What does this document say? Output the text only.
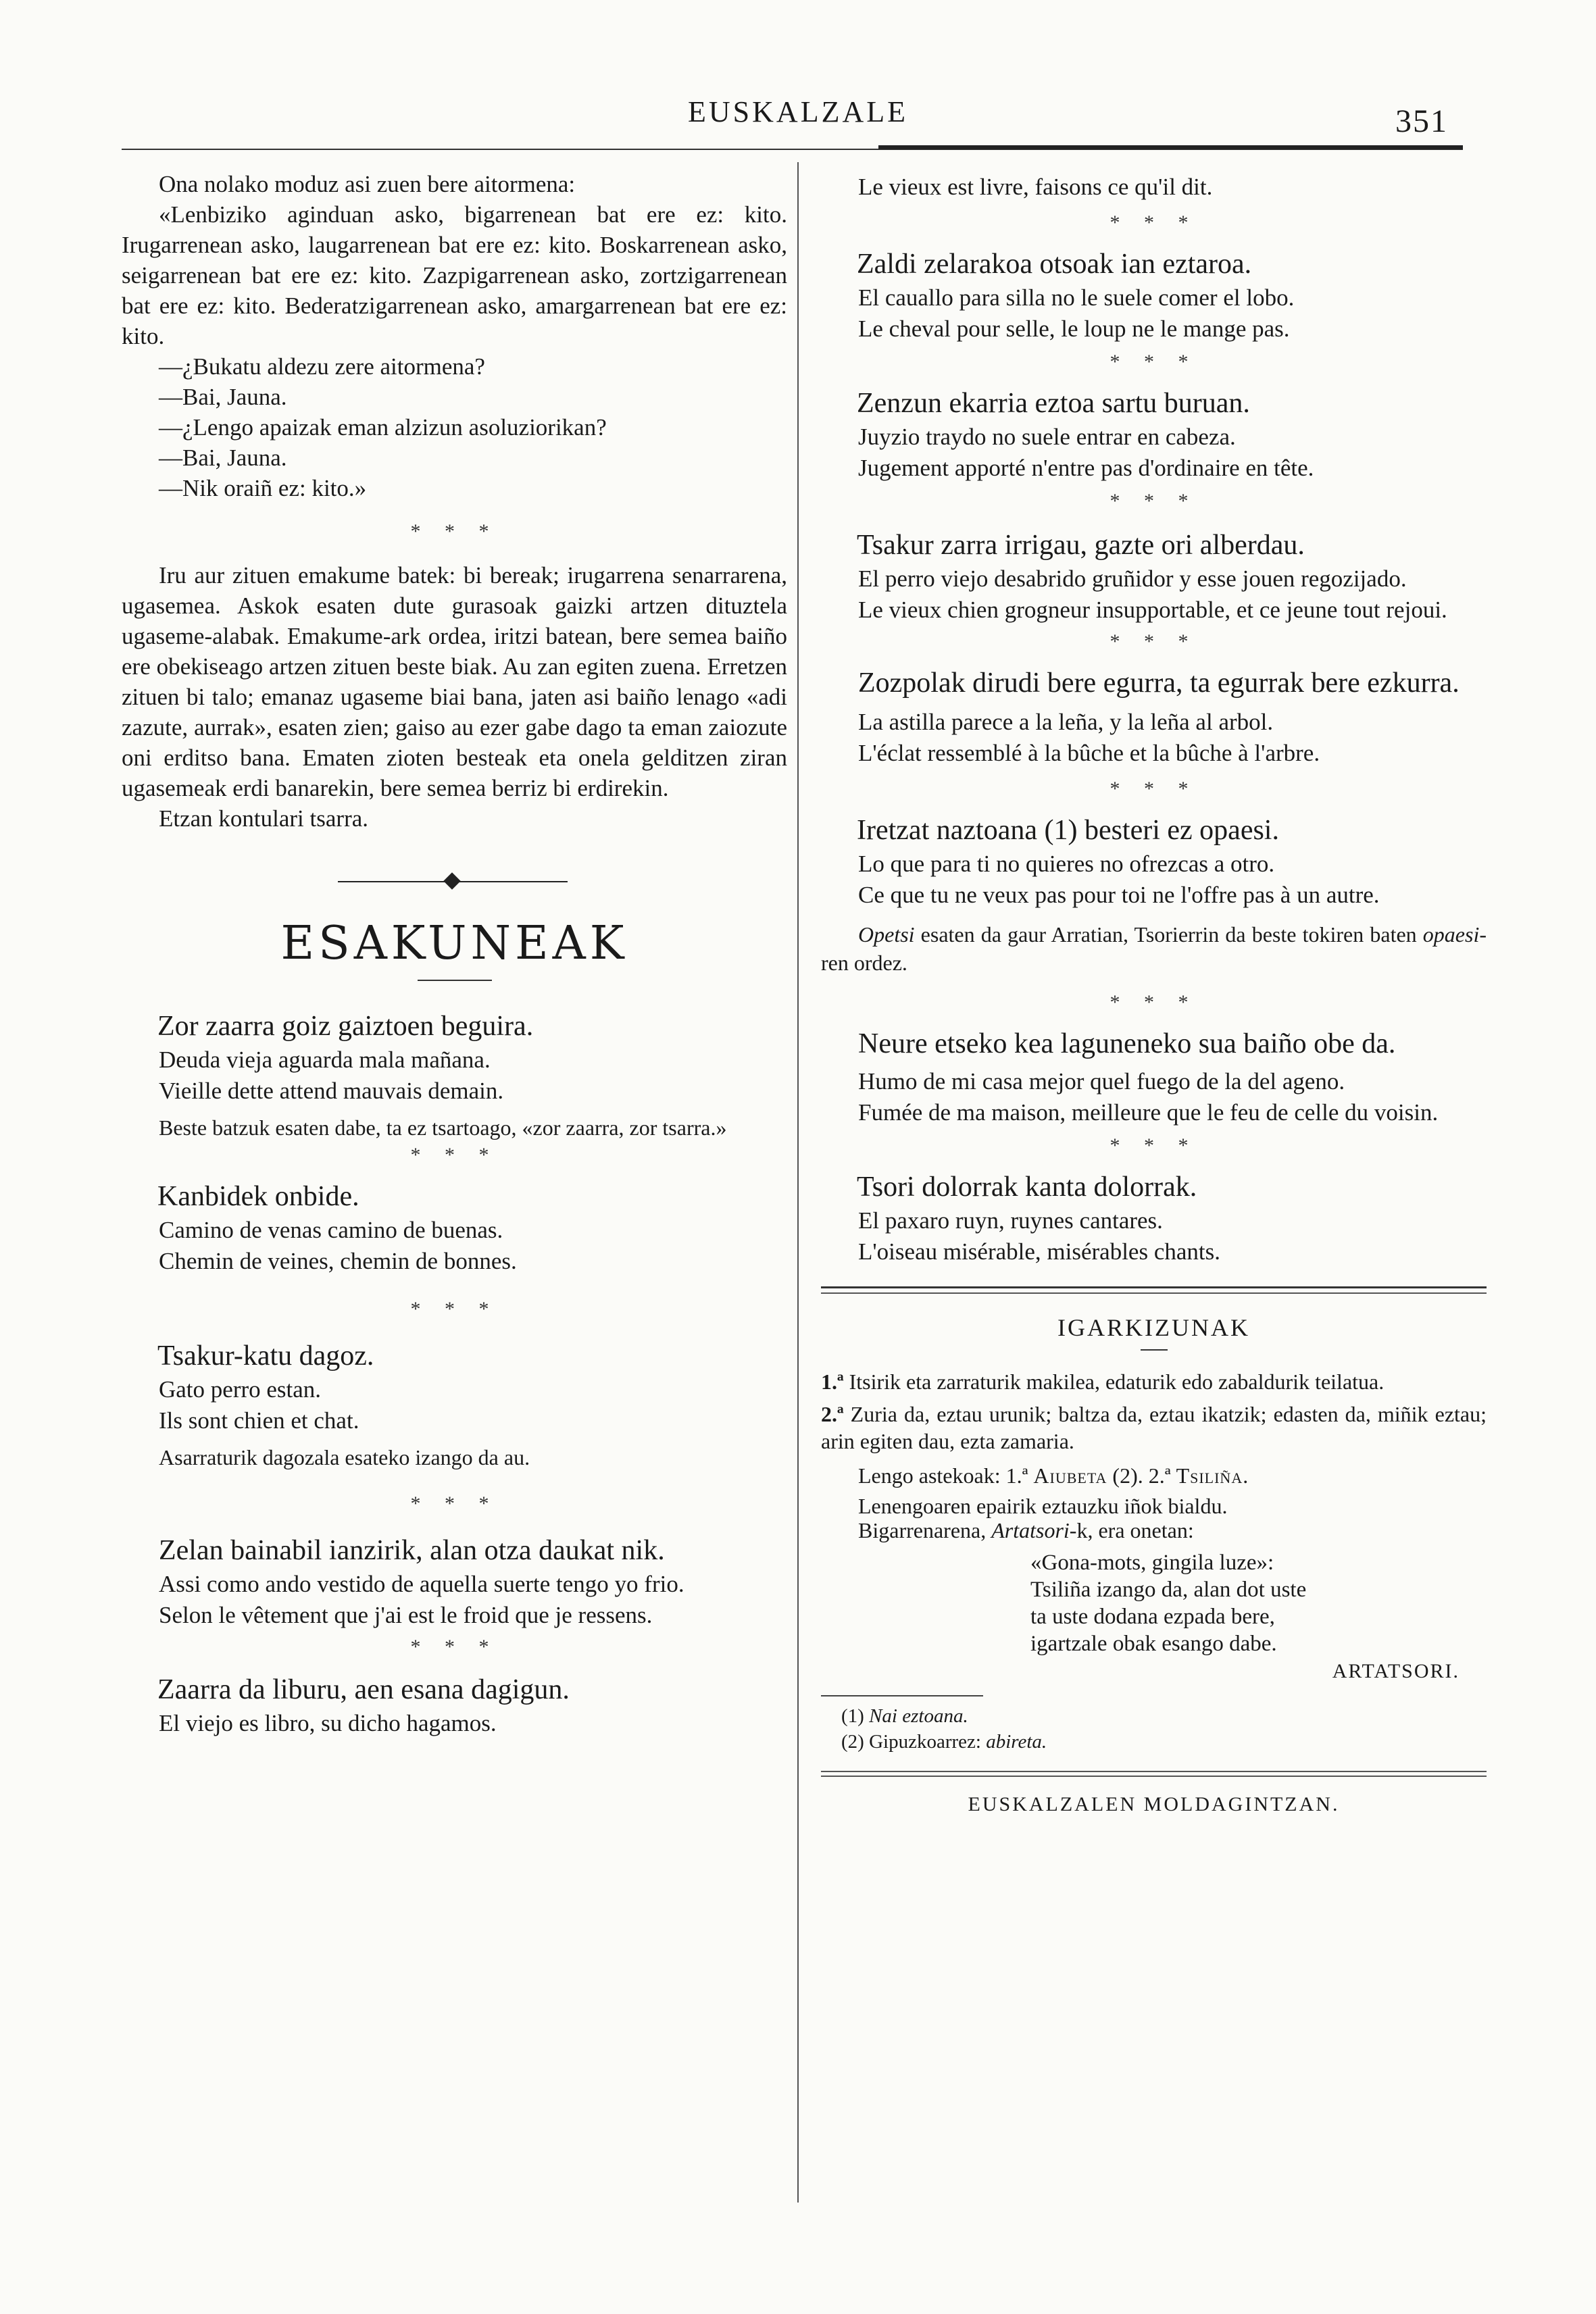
EUSKALZALE	351

Ona nolako moduz asi zuen bere aitormena:

«Lenbiziko aginduan asko, bigarrenean bat ere ez: kito. Irugarrenean asko, laugarrenean bat ere ez: kito. Boskarrenean asko, seigarrenean bat ere ez: kito. Zazpigarrenean asko, zortzigarrenean bat ere ez: kito. Bederatzigarrenean asko, amargarrenean bat ere ez: kito.

—¿Bukatu aldezu zere aitormena?

—Bai, Jauna.

—¿Lengo apaizak eman alzizun asoluziorikan?

—Bai, Jauna.

—Nik oraiñ ez: kito.»

* * *

Iru aur zituen emakume batek: bi bereak; irugarrena senarrarena, ugasemea. Askok esaten dute gurasoak gaizki artzen dituztela ugaseme-alabak. Emakume-ark ordea, iritzi batean, bere semea baiño ere obekiseago artzen zituen beste biak. Au zan egiten zuena. Erretzen zituen bi talo; emanaz ugaseme biai bana, jaten asi baiño lenago «adi zazute, aurrak», esaten zien; gaiso au ezer gabe dago ta eman zaiozute oni erditso bana. Ematen zioten besteak eta onela gelditzen ziran ugasemeak erdi banarekin, bere semea berriz bi erdirekin.

Etzan kontulari tsarra.

ESAKUNEAK

Zor zaarra goiz gaiztoen beguira.

Deuda vieja aguarda mala mañana.

Vieille dette attend mauvais demain.

Beste batzuk esaten dabe, ta ez tsartoago, «zor zaarra, zor tsarra.»

* * *

Kanbidek onbide.

Camino de venas camino de buenas.

Chemin de veines, chemin de bonnes.

* * *

Tsakur-katu dagoz.

Gato perro estan.

Ils sont chien et chat.

Asarraturik dagozala esateko izango da au.

* * *

Zelan bainabil ianzirik, alan otza daukat nik.

Assi como ando vestido de aquella suerte tengo yo frio.

Selon le vêtement que j'ai est le froid que je ressens.

* * *

Zaarra da liburu, aen esana dagigun.

El viejo es libro, su dicho hagamos.

Le vieux est livre, faisons ce qu'il dit.

* * *

Zaldi zelarakoa otsoak ian eztaroa.

El cauallo para silla no le suele comer el lobo.

Le cheval pour selle, le loup ne le mange pas.

* * *

Zenzun ekarria eztoa sartu buruan.

Juyzio traydo no suele entrar en cabeza.

Jugement apporté n'entre pas d'ordinaire en tête.

* * *

Tsakur zarra irrigau, gazte ori alberdau.

El perro viejo desabrido gruñidor y esse jouen regozijado.

Le vieux chien grogneur insupportable, et ce jeune tout rejoui.

* * *

Zozpolak dirudi bere egurra, ta egurrak bere ezkurra.

La astilla parece a la leña, y la leña al arbol.

L'éclat ressemblé à la bûche et la bûche à l'arbre.

* * *

Iretzat naztoana (1) besteri ez opaesi.

Lo que para ti no quieres no ofrezcas a otro.

Ce que tu ne veux pas pour toi ne l'offre pas à un autre.

Opetsi esaten da gaur Arratian, Tsorierrin da beste tokiren baten opaesi-ren ordez.

* * *

Neure etseko kea laguneneko sua baiño obe da.

Humo de mi casa mejor quel fuego de la del ageno.

Fumée de ma maison, meilleure que le feu de celle du voisin.

* * *

Tsori dolorrak kanta dolorrak.

El paxaro ruyn, ruynes cantares.

L'oiseau misérable, misérables chants.

IGARKIZUNAK

1.ª Itsirik eta zarraturik makilea, edaturik edo zabaldurik teilatua.

2.ª Zuria da, eztau urunik; baltza da, eztau ikatzik; edasten da, miñik eztau; arin egiten dau, ezta zamaria.

Lengo astekoak: 1.ª Aiubeta (2). 2.ª Tsiliña.

Lenengoaren epairik eztauzku iñok bialdu.

Bigarrenarena, Artatsori-k, era onetan:

«Gona-mots, gingila luze»:

Tsiliña izango da, alan dot uste

ta uste dodana ezpada bere,

igartzale obak esango dabe.

ARTATSORI.

(1) Nai eztoana.

(2) Gipuzkoarrez: abireta.

EUSKALZALEN MOLDAGINTZAN.
